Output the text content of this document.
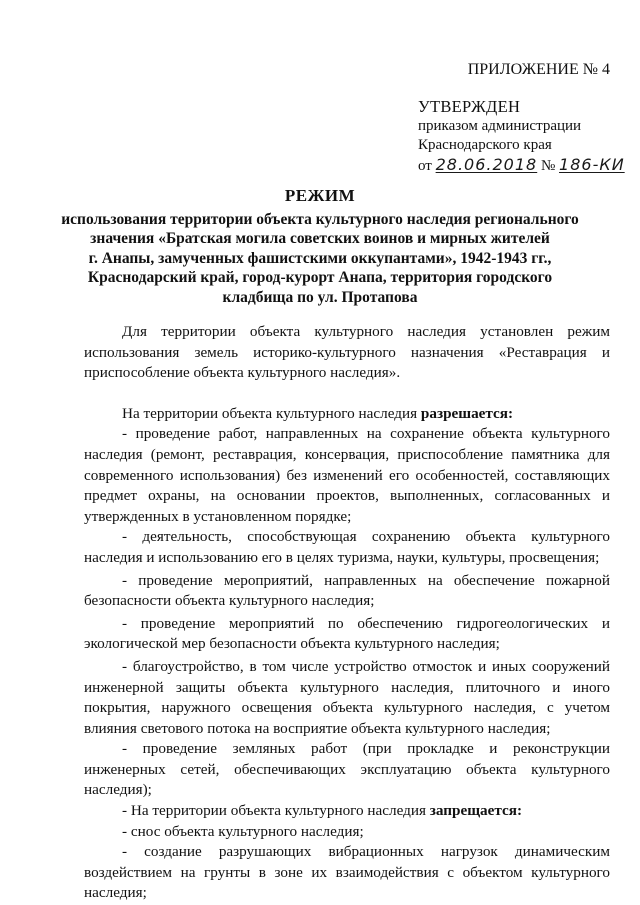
ПРИЛОЖЕНИЕ № 4
УТВЕРЖДЕН
приказом администрации
Краснодарского края
от 28.06.2018 № 186-КИ
РЕЖИМ
использования территории объекта культурного наследия регионального
значения «Братская могила советских воинов и мирных жителей
г. Анапы, замученных фашистскими оккупантами», 1942-1943 гг.,
Краснодарский край, город-курорт Анапа, территория городского
кладбища по ул. Протапова

Для территории объекта культурного наследия установлен режим использования земель историко-культурного назначения «Реставрация и приспособление объекта культурного наследия».

На территории объекта культурного наследия разрешается:

- проведение работ, направленных на сохранение объекта культурного наследия (ремонт, реставрация, консервация, приспособление памятника для современного использования) без изменений его особенностей, составляющих предмет охраны, на основании проектов, выполненных, согласованных и утвержденных в установленном порядке;

- деятельность, способствующая сохранению объекта культурного наследия и использованию его в целях туризма, науки, культуры, просвещения;

- проведение мероприятий, направленных на обеспечение пожарной безопасности объекта культурного наследия;

- проведение мероприятий по обеспечению гидрогеологических и экологической мер безопасности объекта культурного наследия;

- благоустройство, в том числе устройство отмосток и иных сооружений инженерной защиты объекта культурного наследия, плиточного и иного покрытия, наружного освещения объекта культурного наследия, с учетом влияния светового потока на восприятие объекта культурного наследия;

- проведение земляных работ (при прокладке и реконструкции инженерных сетей, обеспечивающих эксплуатацию объекта культурного наследия);

- На территории объекта культурного наследия запрещается:

- снос объекта культурного наследия;

- создание разрушающих вибрационных нагрузок динамическим воздействием на грунты в зоне их взаимодействия с объектом культурного наследия;
